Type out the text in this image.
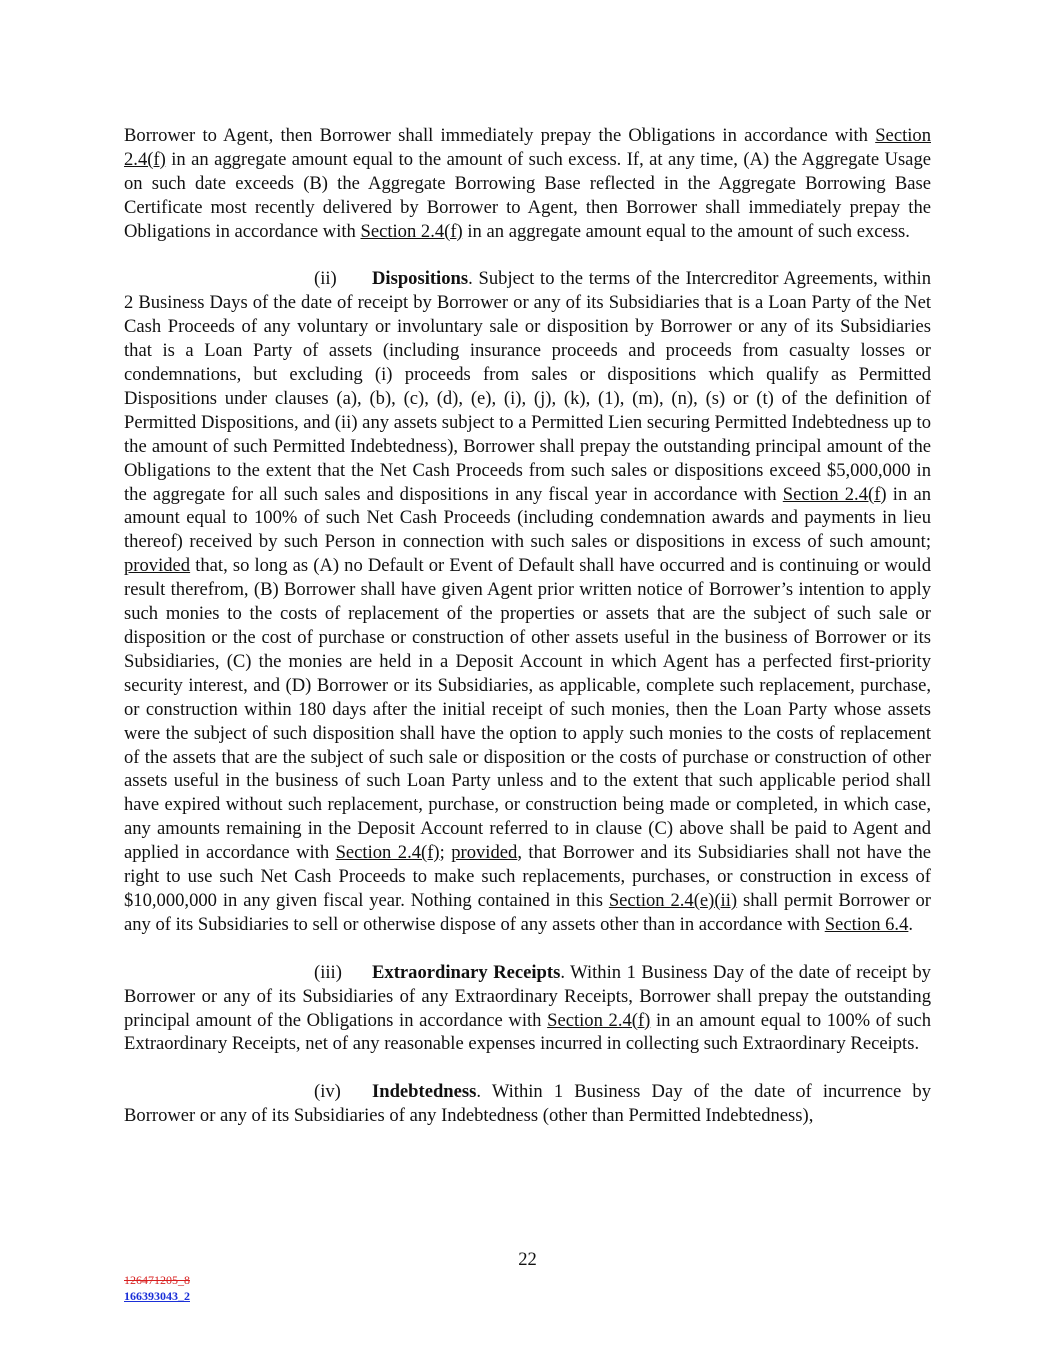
Borrower to Agent, then Borrower shall immediately prepay the Obligations in accordance with Section 2.4(f) in an aggregate amount equal to the amount of such excess. If, at any time, (A) the Aggregate Usage on such date exceeds (B) the Aggregate Borrowing Base reflected in the Aggregate Borrowing Base Certificate most recently delivered by Borrower to Agent, then Borrower shall immediately prepay the Obligations in accordance with Section 2.4(f) in an aggregate amount equal to the amount of such excess.

(ii) Dispositions. Subject to the terms of the Intercreditor Agreements, within 2 Business Days of the date of receipt by Borrower or any of its Subsidiaries that is a Loan Party of the Net Cash Proceeds of any voluntary or involuntary sale or disposition by Borrower or any of its Subsidiaries that is a Loan Party of assets (including insurance proceeds and proceeds from casualty losses or condemnations, but excluding (i) proceeds from sales or dispositions which qualify as Permitted Dispositions under clauses (a), (b), (c), (d), (e), (i), (j), (k), (1), (m), (n), (s) or (t) of the definition of Permitted Dispositions, and (ii) any assets subject to a Permitted Lien securing Permitted Indebtedness up to the amount of such Permitted Indebtedness), Borrower shall prepay the outstanding principal amount of the Obligations to the extent that the Net Cash Proceeds from such sales or dispositions exceed $5,000,000 in the aggregate for all such sales and dispositions in any fiscal year in accordance with Section 2.4(f) in an amount equal to 100% of such Net Cash Proceeds (including condemnation awards and payments in lieu thereof) received by such Person in connection with such sales or dispositions in excess of such amount; provided that, so long as (A) no Default or Event of Default shall have occurred and is continuing or would result therefrom, (B) Borrower shall have given Agent prior written notice of Borrower’s intention to apply such monies to the costs of replacement of the properties or assets that are the subject of such sale or disposition or the cost of purchase or construction of other assets useful in the business of Borrower or its Subsidiaries, (C) the monies are held in a Deposit Account in which Agent has a perfected first-priority security interest, and (D) Borrower or its Subsidiaries, as applicable, complete such replacement, purchase, or construction within 180 days after the initial receipt of such monies, then the Loan Party whose assets were the subject of such disposition shall have the option to apply such monies to the costs of replacement of the assets that are the subject of such sale or disposition or the costs of purchase or construction of other assets useful in the business of such Loan Party unless and to the extent that such applicable period shall have expired without such replacement, purchase, or construction being made or completed, in which case, any amounts remaining in the Deposit Account referred to in clause (C) above shall be paid to Agent and applied in accordance with Section 2.4(f); provided, that Borrower and its Subsidiaries shall not have the right to use such Net Cash Proceeds to make such replacements, purchases, or construction in excess of $10,000,000 in any given fiscal year. Nothing contained in this Section 2.4(e)(ii) shall permit Borrower or any of its Subsidiaries to sell or otherwise dispose of any assets other than in accordance with Section 6.4.

(iii) Extraordinary Receipts. Within 1 Business Day of the date of receipt by Borrower or any of its Subsidiaries of any Extraordinary Receipts, Borrower shall prepay the outstanding principal amount of the Obligations in accordance with Section 2.4(f) in an amount equal to 100% of such Extraordinary Receipts, net of any reasonable expenses incurred in collecting such Extraordinary Receipts.

(iv) Indebtedness. Within 1 Business Day of the date of incurrence by Borrower or any of its Subsidiaries of any Indebtedness (other than Permitted Indebtedness),

22
126471205_8
166393043_2
